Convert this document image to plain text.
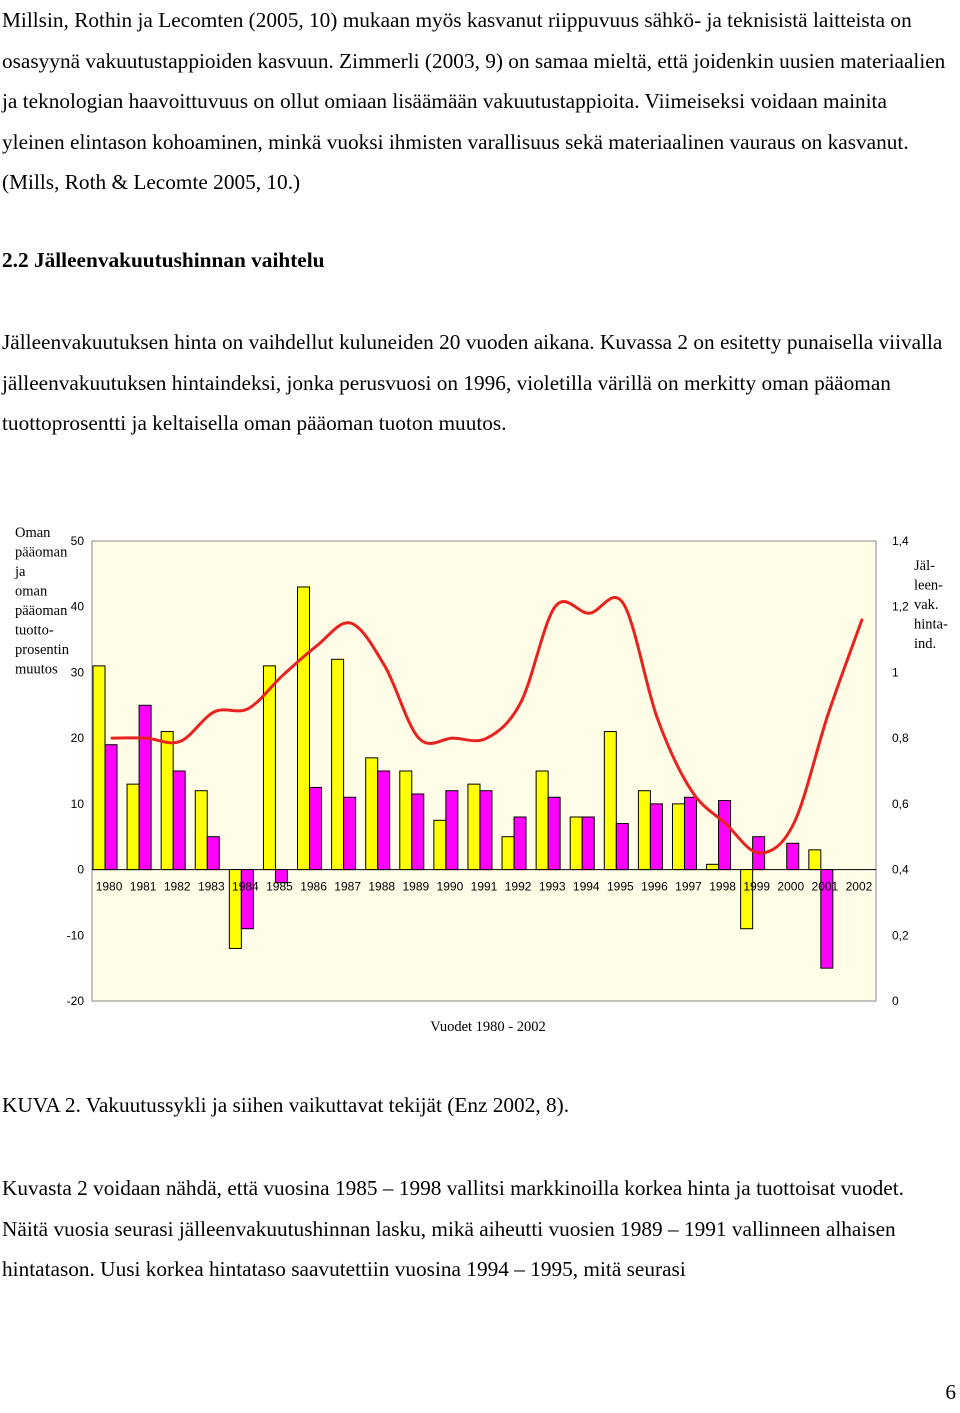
Millsin, Rothin ja Lecomten (2005, 10) mukaan myös kasvanut riippuvuus sähkö- ja teknisistä laitteista on osasyynä vakuutustappioiden kasvuun. Zimmerli (2003, 9) on samaa mieltä, että joidenkin uusien materiaalien ja teknologian haavoittuvuus on ollut omiaan lisäämään vakuutustappioita. Viimeiseksi voidaan mainita yleinen elintason kohoaminen, minkä vuoksi ihmisten varallisuus sekä materiaalinen vauraus on kasvanut. (Mills, Roth & Lecomte 2005, 10.)

2.2 Jälleenvakuutushinnan vaihtelu

Jälleenvakuutuksen hinta on vaihdellut kuluneiden 20 vuoden aikana. Kuvassa 2 on esitetty punaisella viivalla jälleenvakuutuksen hintaindeksi, jonka perusvuosi on 1996, violetilla värillä on merkitty oman pääoman tuottoprosentti ja keltaisella oman pääoman tuoton muutos.

1980 1981 1982 1983 1984 1985 1986 1987 1988 1989 1990 1991 1992 1993 1994 1995 1996 1997 1998 1999 2000 2001 2002
50
40
30
20
10
0
-10
-20
1,4
1,2
1
0,8
0,6
0,4
0,2
0
Oman
pääoman
ja
oman
pääoman
tuotto-
prosentin
muutos
Jäl-
leen-
vak.
hinta-
ind.
Vuodet 1980 - 2002

KUVA 2. Vakuutussykli ja siihen vaikuttavat tekijät (Enz 2002, 8).

Kuvasta 2 voidaan nähdä, että vuosina 1985 – 1998 vallitsi markkinoilla korkea hinta ja tuottoisat vuodet. Näitä vuosia seurasi jälleenvakuutushinnan lasku, mikä aiheutti vuosien 1989 – 1991 vallinneen alhaisen hintatason. Uusi korkea hintataso saavutettiin vuosina 1994 – 1995, mitä seurasi

6
